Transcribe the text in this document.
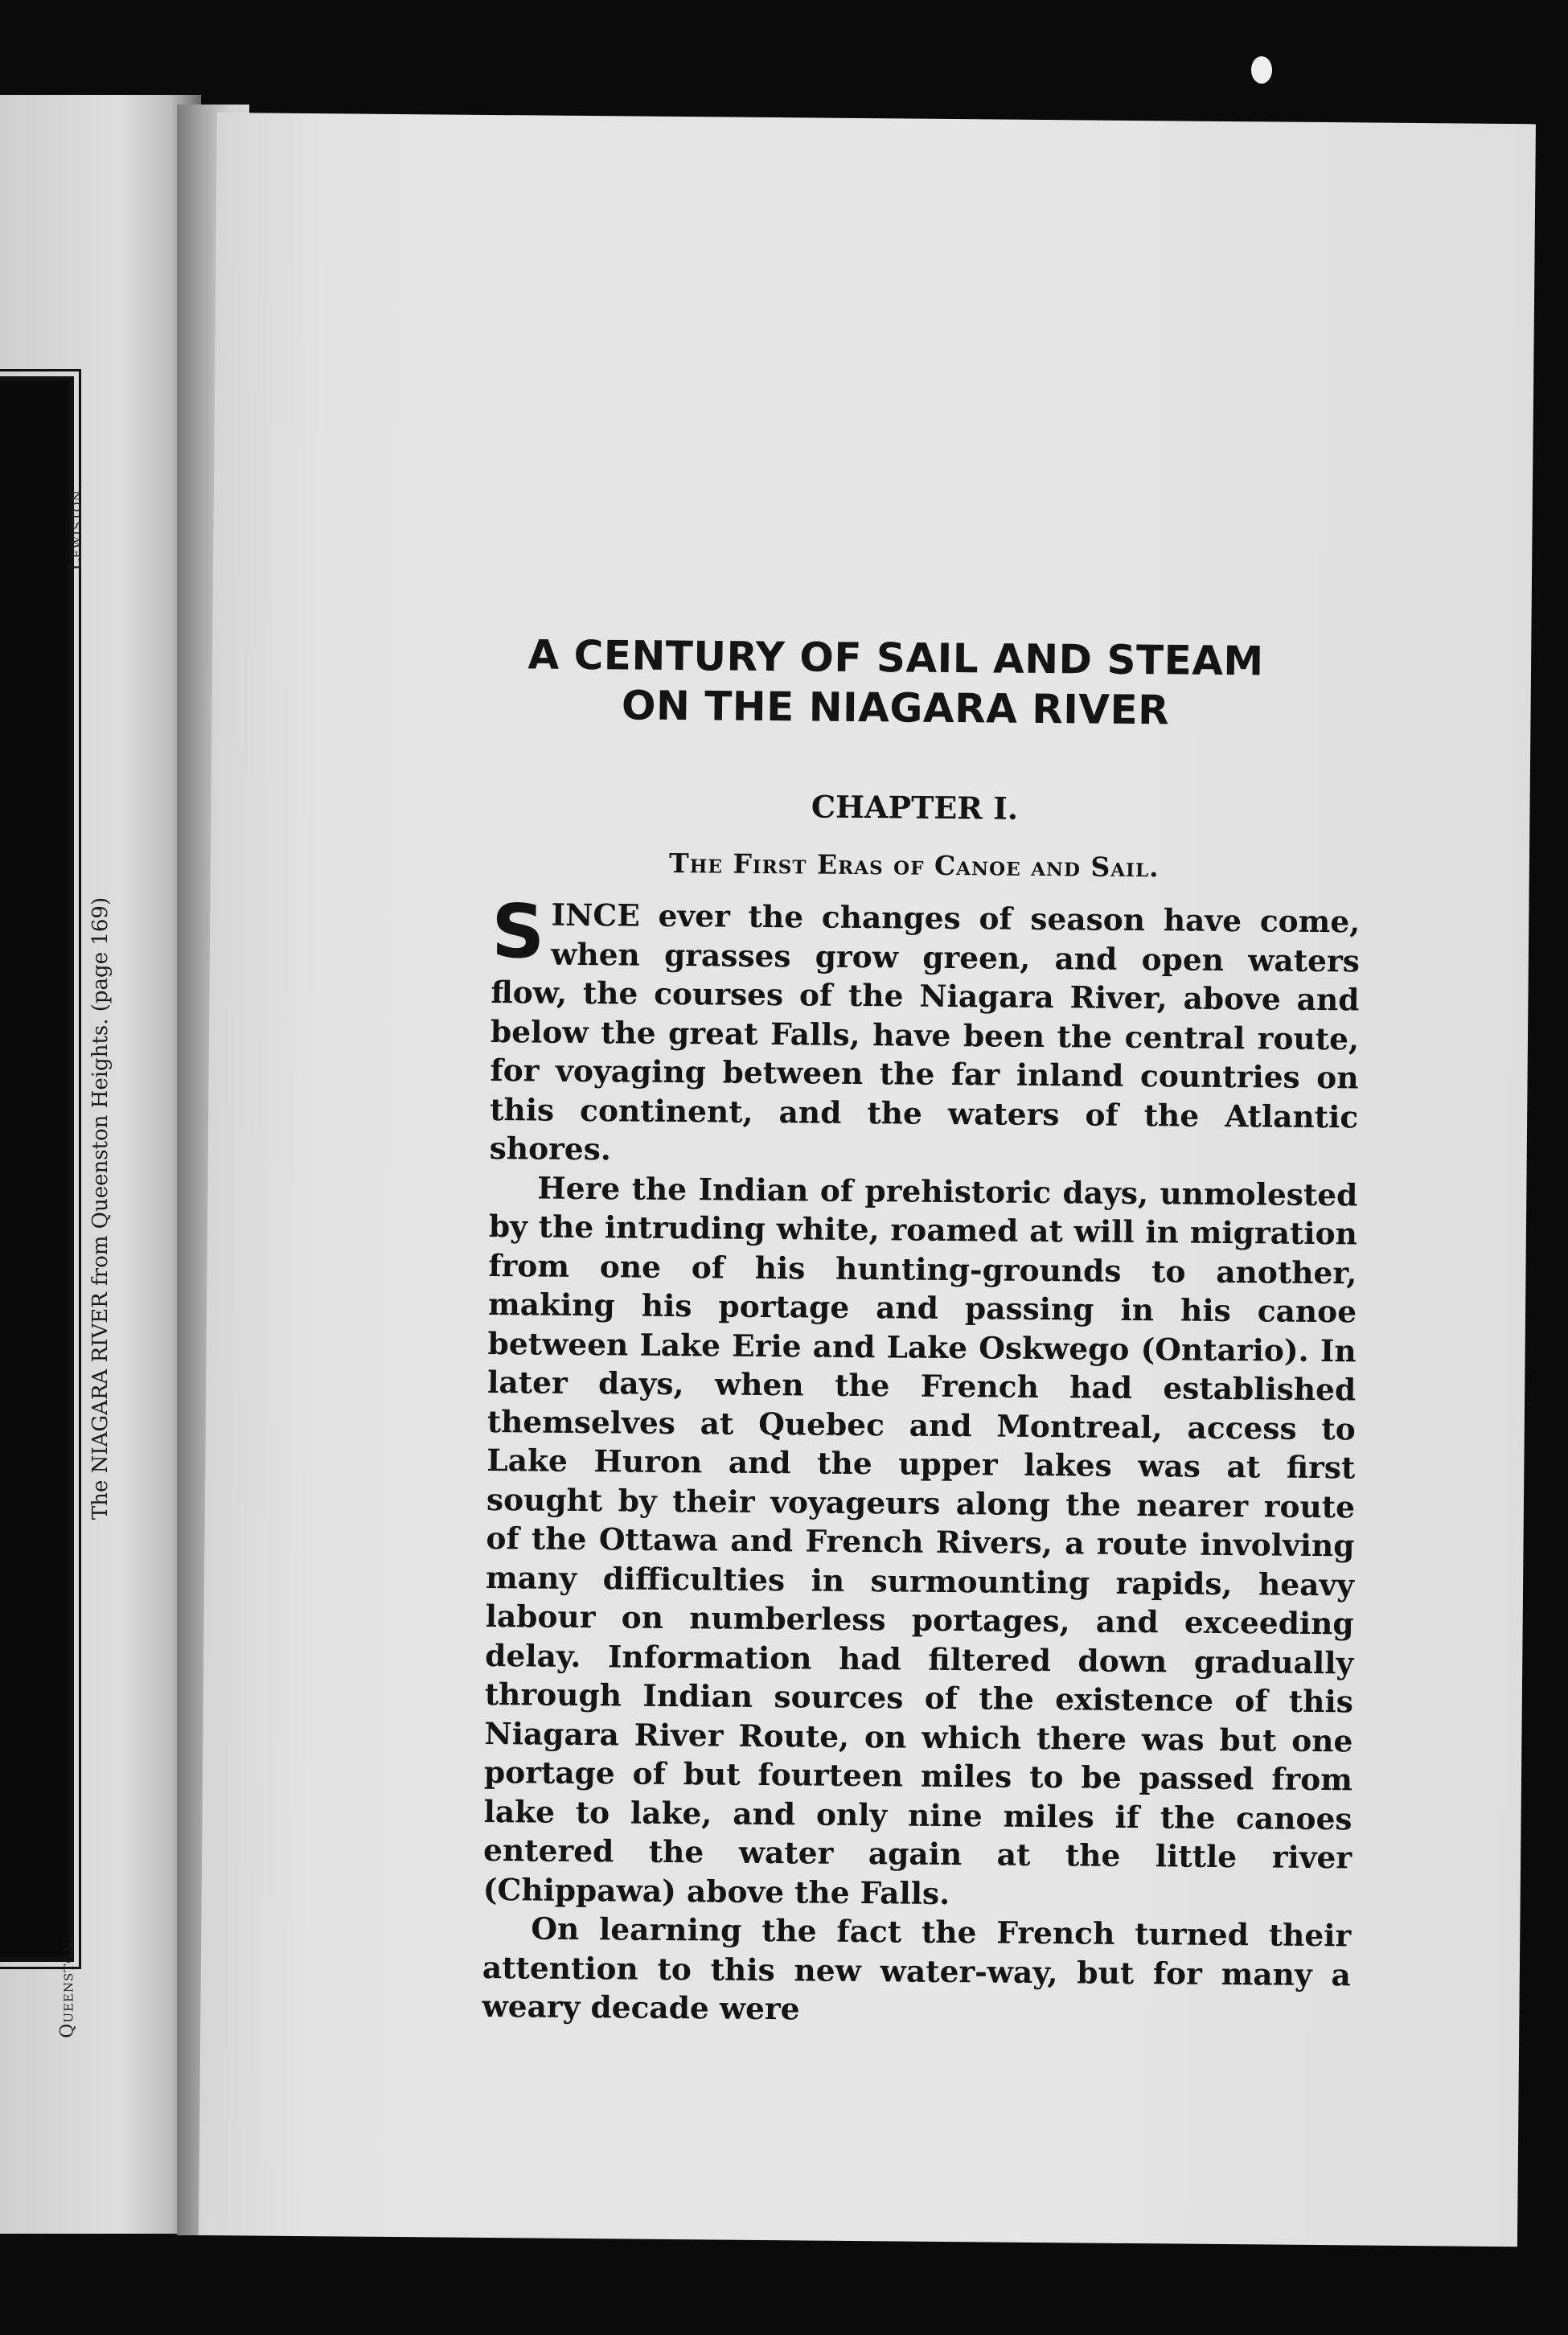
Lewiston.
The NIAGARA RIVER from Queenston Heights. (page 169)
Queenston.
A CENTURY OF SAIL AND STEAM
ON THE NIAGARA RIVER
CHAPTER I.
The First Eras of Canoe and Sail.

SINCE ever the changes of season have come, when grasses grow green, and open waters flow, the courses of the Niagara River, above and below the great Falls, have been the central route, for voyaging between the far inland countries on this continent, and the waters of the Atlantic shores.

Here the Indian of prehistoric days, unmolested by the intruding white, roamed at will in migration from one of his hunting-grounds to another, making his portage and passing in his canoe between Lake Erie and Lake Oskwego (Ontario). In later days, when the French had established themselves at Quebec and Montreal, access to Lake Huron and the upper lakes was at first sought by their voyageurs along the nearer route of the Ottawa and French Rivers, a route involving many difficulties in surmounting rapids, heavy labour on numberless portages, and exceeding delay. Information had filtered down gradually through Indian sources of the existence of this Niagara River Route, on which there was but one portage of but fourteen miles to be passed from lake to lake, and only nine miles if the canoes entered the water again at the little river (Chippawa) above the Falls.

On learning the fact the French turned their attention to this new water-way, but for many a weary decade were
